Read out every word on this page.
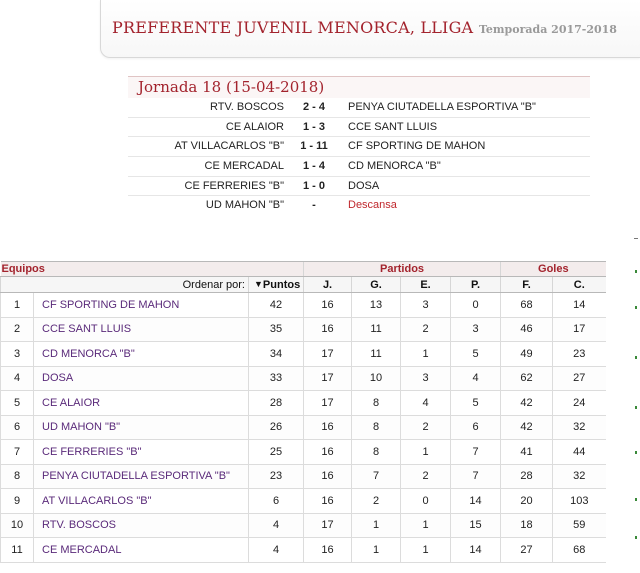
PREFERENTE JUVENIL MENORCA, LLIGA Temporada 2017-2018
Jornada 18 (15-04-2018)
RTV. BOSCOS	2 - 4	PENYA CIUTADELLA ESPORTIVA "B"
CE ALAIOR	1 - 3	CCE SANT LLUIS
AT VILLACARLOS "B"	1 - 11	CF SPORTING DE MAHON
CE MERCADAL	1 - 4	CD MENORCA "B"
CE FERRERIES "B"	1 - 0	DOSA
UD MAHON "B"	-	Descansa
Equipos			Partidos				Goles	
Ordenar por:		▼Puntos	J.	G.	E.	P.	F.	C.
1	CF SPORTING DE MAHON	42	16	13	3	0	68	14
2	CCE SANT LLUIS	35	16	11	2	3	46	17
3	CD MENORCA "B"	34	17	11	1	5	49	23
4	DOSA	33	17	10	3	4	62	27
5	CE ALAIOR	28	17	8	4	5	42	24
6	UD MAHON "B"	26	16	8	2	6	42	32
7	CE FERRERIES "B"	25	16	8	1	7	41	44
8	PENYA CIUTADELLA ESPORTIVA "B"	23	16	7	2	7	28	32
9	AT VILLACARLOS "B"	6	16	2	0	14	20	103
10	RTV. BOSCOS	4	17	1	1	15	18	59
11	CE MERCADAL	4	16	1	1	14	27	68
